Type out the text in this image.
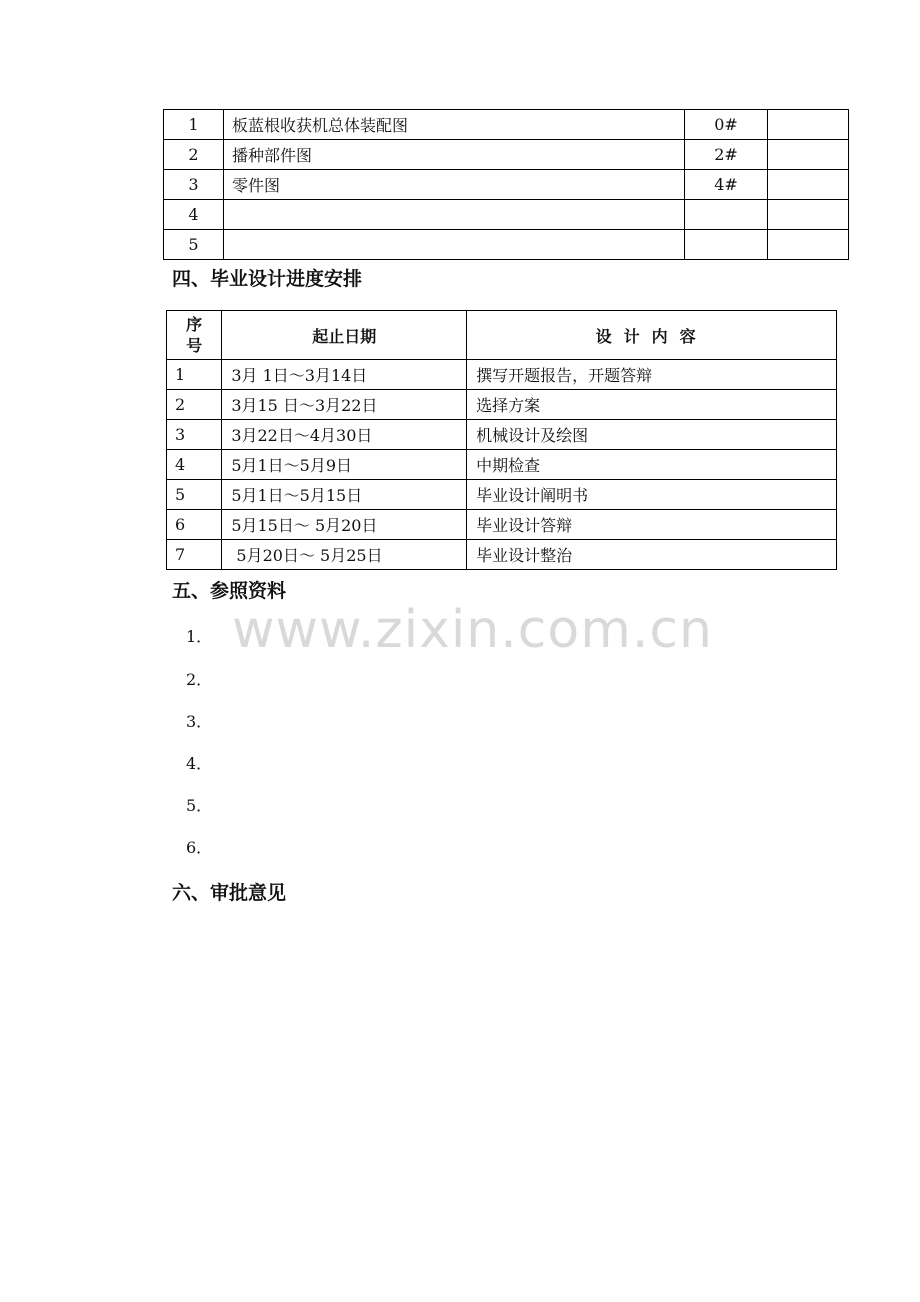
1	板蓝根收获机总体装配图	0#	
2	播种部件图	2#	
3	零件图	4#	
4			
5			
四、毕业设计进度安排
序
号	起止日期	设计内容
1	3月 1日～3月14日	撰写开题报告，开题答辩
2	3月15 日～3月22日	选择方案
3	3月22日～4月30日	机械设计及绘图
4	5月1日～5月9日	中期检查
5	5月1日～5月15日	毕业设计阐明书
6	5月15日～ 5月20日	毕业设计答辩
7	5月20日～ 5月25日	毕业设计整治
五、参照资料
www.zixin.com.cn
1．
2．
3．
4．
5．
6．
六、审批意见
